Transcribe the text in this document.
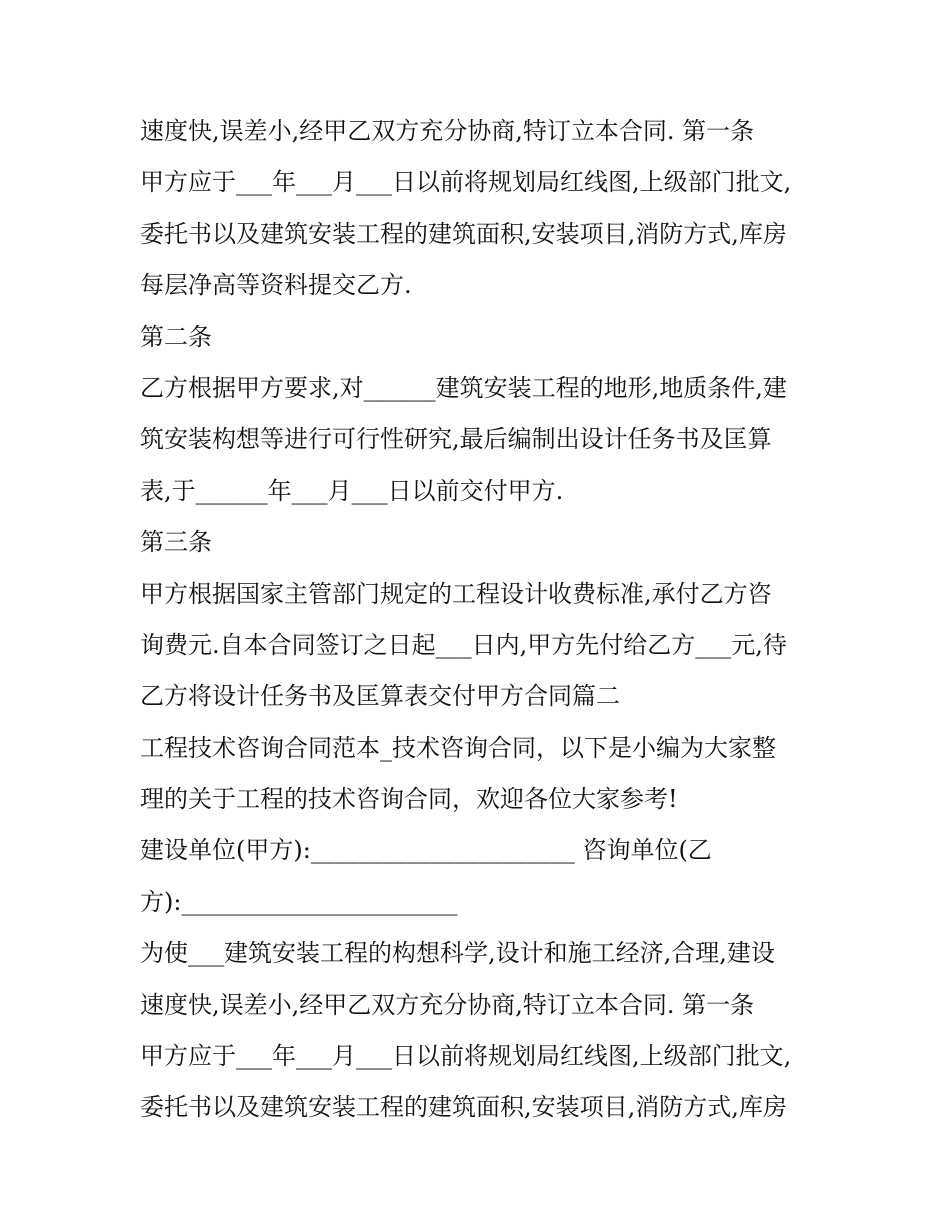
速度快,误差小,经甲乙双方充分协商,特订立本合同. 第一条
甲方应于___年___月___日以前将规划局红线图,上级部门批文,
委托书以及建筑安装工程的建筑面积,安装项目,消防方式,库房
每层净高等资料提交乙方.
第二条
乙方根据甲方要求,对______建筑安装工程的地形,地质条件,建
筑安装构想等进行可行性研究,最后编制出设计任务书及匡算
表,于______年___月___日以前交付甲方.
第三条
甲方根据国家主管部门规定的工程设计收费标准,承付乙方咨
询费元.自本合同签订之日起___日内,甲方先付给乙方___元,待
乙方将设计任务书及匡算表交付甲方合同篇二
工程技术咨询合同范本_技术咨询合同，以下是小编为大家整
理的关于工程的技术咨询合同，欢迎各位大家参考!
建设单位(甲方):______________________ 咨询单位(乙
方):_______________________
为使___建筑安装工程的构想科学,设计和施工经济,合理,建设
速度快,误差小,经甲乙双方充分协商,特订立本合同. 第一条
甲方应于___年___月___日以前将规划局红线图,上级部门批文,
委托书以及建筑安装工程的建筑面积,安装项目,消防方式,库房
